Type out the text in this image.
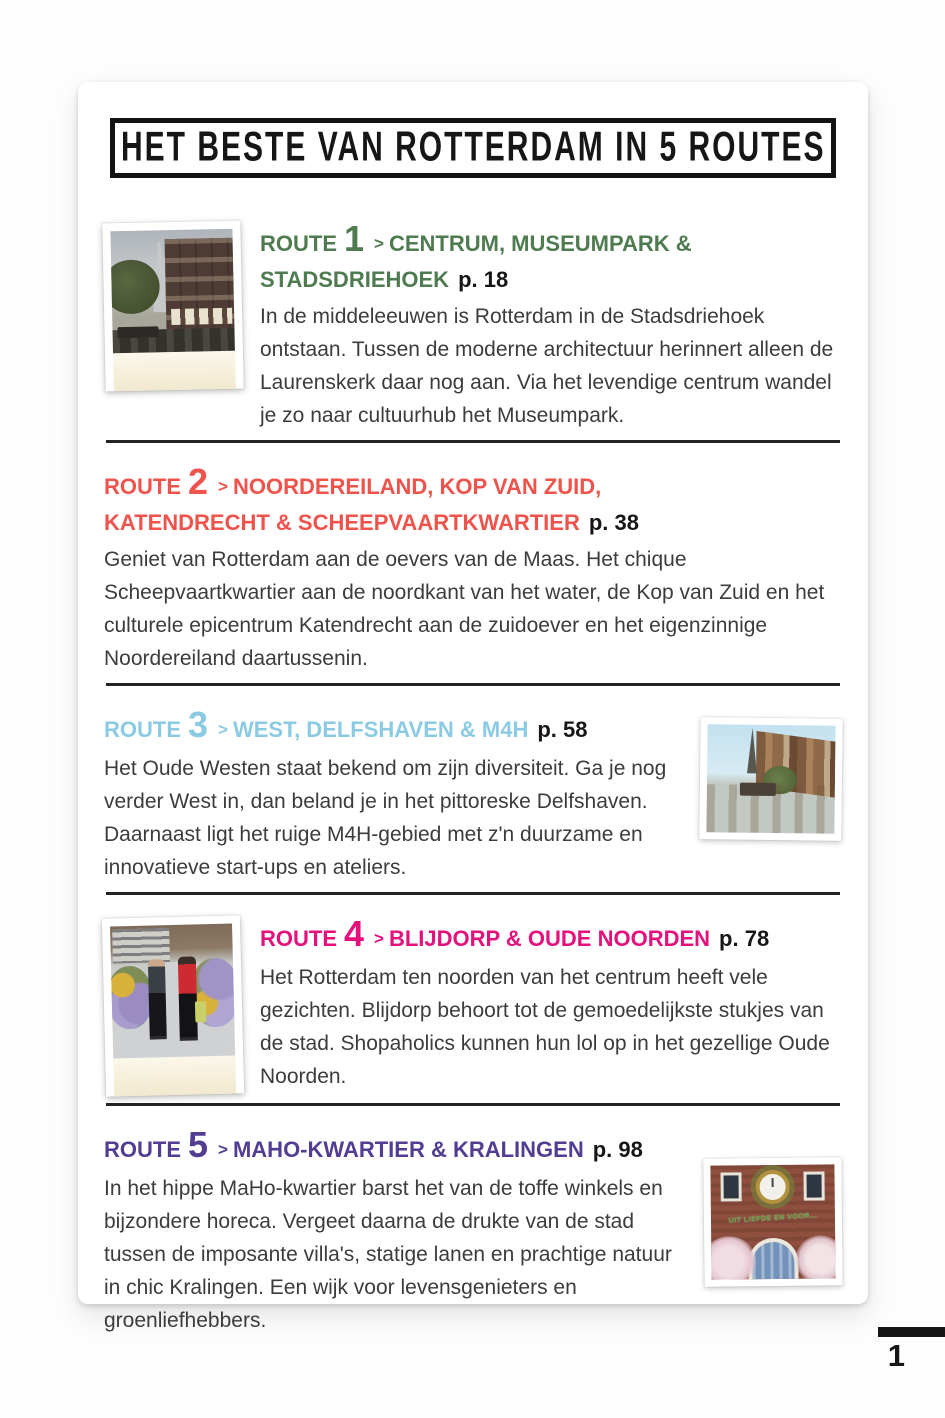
HET BESTE VAN ROTTERDAM IN 5 ROUTES
ROUTE 1 > CENTRUM, MUSEUMPARK & STADSDRIEHOEK p. 18

In de middeleeuwen is Rotterdam in de Stadsdriehoek ontstaan. Tussen de moderne architectuur herinnert alleen de Laurenskerk daar nog aan. Via het levendige centrum wandel je zo naar cultuurhub het Museumpark.

ROUTE 2 > NOORDEREILAND, KOP VAN ZUID, KATENDRECHT & SCHEEPVAARTKWARTIER p. 38

Geniet van Rotterdam aan de oevers van de Maas. Het chique Scheepvaartkwartier aan de noordkant van het water, de Kop van Zuid en het culturele epicentrum Katendrecht aan de zuidoever en het eigenzinnige Noordereiland daartussenin.

ROUTE 3 > WEST, DELFSHAVEN & M4H p. 58

Het Oude Westen staat bekend om zijn diversiteit. Ga je nog verder West in, dan beland je in het pittoreske Delfshaven. Daarnaast ligt het ruige M4H-gebied met z'n duurzame en innovatieve start-ups en ateliers.

ROUTE 4 > BLIJDORP & OUDE NOORDEN p. 78

Het Rotterdam ten noorden van het centrum heeft vele gezichten. Blijdorp behoort tot de gemoedelijkste stukjes van de stad. Shopaholics kunnen hun lol op in het gezellige Oude Noorden.

ROUTE 5 > MAHO-KWARTIER & KRALINGEN p. 98

In het hippe MaHo-kwartier barst het van de toffe winkels en bijzondere horeca. Vergeet daarna de drukte van de stad tussen de imposante villa's, statige lanen en prachtige natuur in chic Kralingen. Een wijk voor levensgenieters en groenliefhebbers.

UIT LIEFDE EN VOOR...
1
